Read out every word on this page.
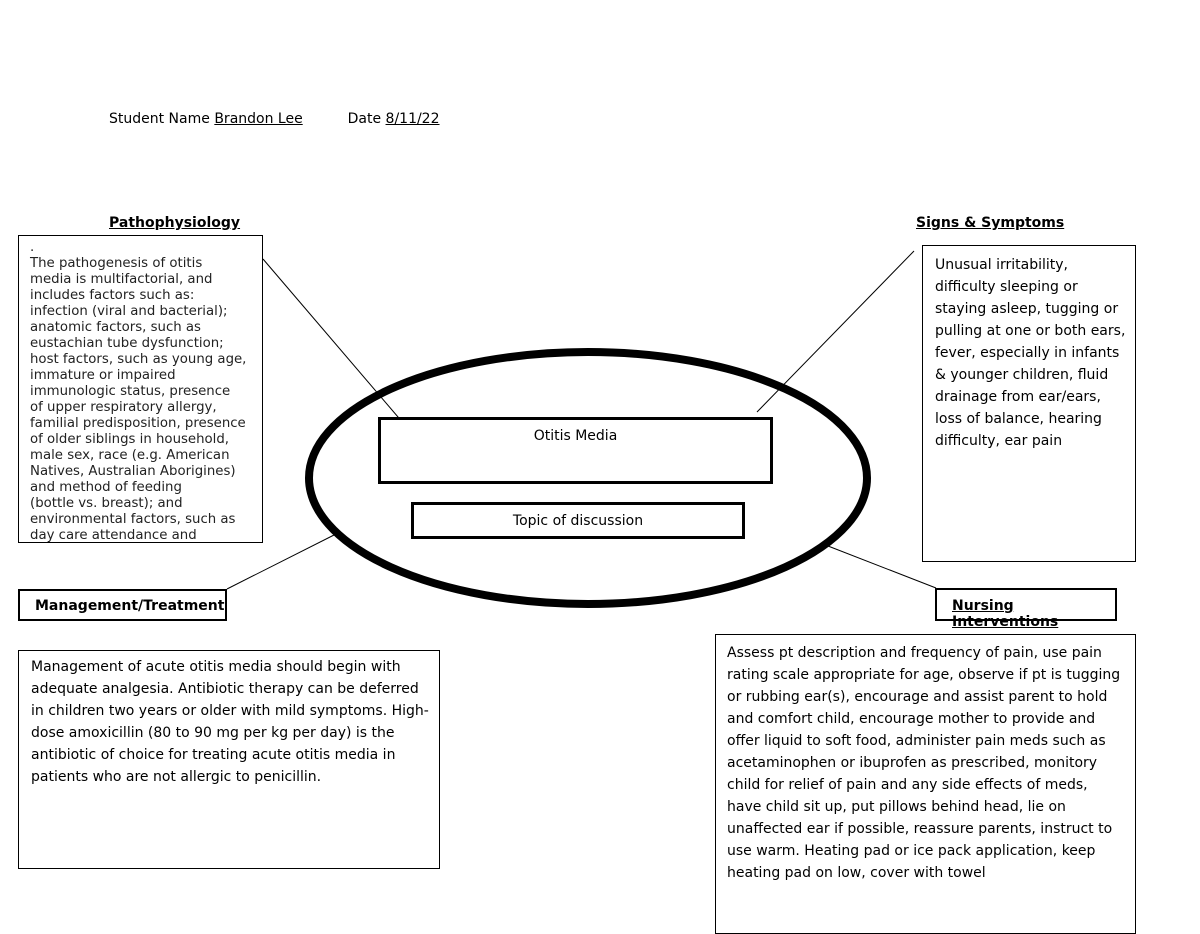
Student Name Brandon Lee	Date 8/11/22
Pathophysiology
.
The pathogenesis of otitis
media is multifactorial, and
includes factors such as:
infection (viral and bacterial);
anatomic factors, such as
eustachian tube dysfunction;
host factors, such as young age,
immature or impaired
immunologic status, presence
of upper respiratory allergy,
familial predisposition, presence
of older siblings in household,
male sex, race (e.g. American
Natives, Australian Aborigines)
and method of feeding
(bottle vs. breast); and
environmental factors, such as
day care attendance and
Signs & Symptoms
Unusual irritability, difficulty sleeping or staying asleep, tugging or pulling at one or both ears, fever, especially in infants & younger children, fluid drainage from ear/ears, loss of balance, hearing difficulty, ear pain
Otitis Media
Topic of discussion
Management/Treatment
Management of acute otitis media should begin with adequate analgesia. Antibiotic therapy can be deferred in children two years or older with mild symptoms. High-dose amoxicillin (80 to 90 mg per kg per day) is the antibiotic of choice for treating acute otitis media in patients who are not allergic to penicillin.
Nursing Interventions
Assess pt description and frequency of pain, use pain rating scale appropriate for age, observe if pt is tugging or rubbing ear(s), encourage and assist parent to hold and comfort child, encourage mother to provide and offer liquid to soft food, administer pain meds such as acetaminophen or ibuprofen as prescribed, monitory child for relief of pain and any side effects of meds, have child sit up, put pillows behind head, lie on unaffected ear if possible, reassure parents, instruct to use warm. Heating pad or ice pack application, keep heating pad on low, cover with towel
